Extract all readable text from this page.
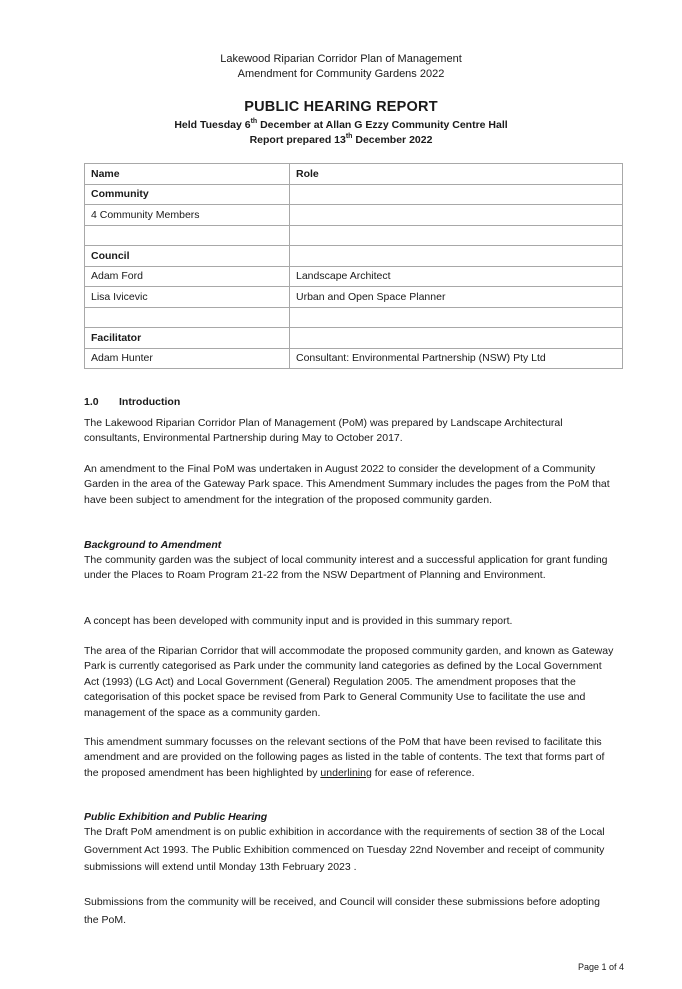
Lakewood Riparian Corridor Plan of Management
Amendment for Community Gardens 2022
PUBLIC HEARING REPORT
Held Tuesday 6th December at Allan G Ezzy Community Centre Hall
Report prepared 13th December 2022
Name	Role
Community	
4 Community Members	

Council	
Adam Ford	Landscape Architect
Lisa Ivicevic	Urban and Open Space Planner

Facilitator	
Adam Hunter	Consultant: Environmental Partnership (NSW) Pty Ltd
1.0 Introduction
The Lakewood Riparian Corridor Plan of Management (PoM) was prepared by Landscape Architectural consultants, Environmental Partnership during May to October 2017.
An amendment to the Final PoM was undertaken in August 2022 to consider the development of a Community Garden in the area of the Gateway Park space. This Amendment Summary includes the pages from the PoM that have been subject to amendment for the integration of the proposed community garden.
Background to Amendment
The community garden was the subject of local community interest and a successful application for grant funding under the Places to Roam Program 21-22 from the NSW Department of Planning and Environment.
A concept has been developed with community input and is provided in this summary report.
The area of the Riparian Corridor that will accommodate the proposed community garden, and known as Gateway Park is currently categorised as Park under the community land categories as defined by the Local Government Act (1993) (LG Act) and Local Government (General) Regulation 2005. The amendment proposes that the categorisation of this pocket space be revised from Park to General Community Use to facilitate the use and management of the space as a community garden.
This amendment summary focusses on the relevant sections of the PoM that have been revised to facilitate this amendment and are provided on the following pages as listed in the table of contents. The text that forms part of the proposed amendment has been highlighted by underlining for ease of reference.
Public Exhibition and Public Hearing
The Draft PoM amendment is on public exhibition in accordance with the requirements of section 38 of the Local Government Act 1993. The Public Exhibition commenced on Tuesday 22nd November and receipt of community submissions will extend until Monday 13th February 2023 .
Submissions from the community will be received, and Council will consider these submissions before adopting the PoM.
Page 1 of 4
